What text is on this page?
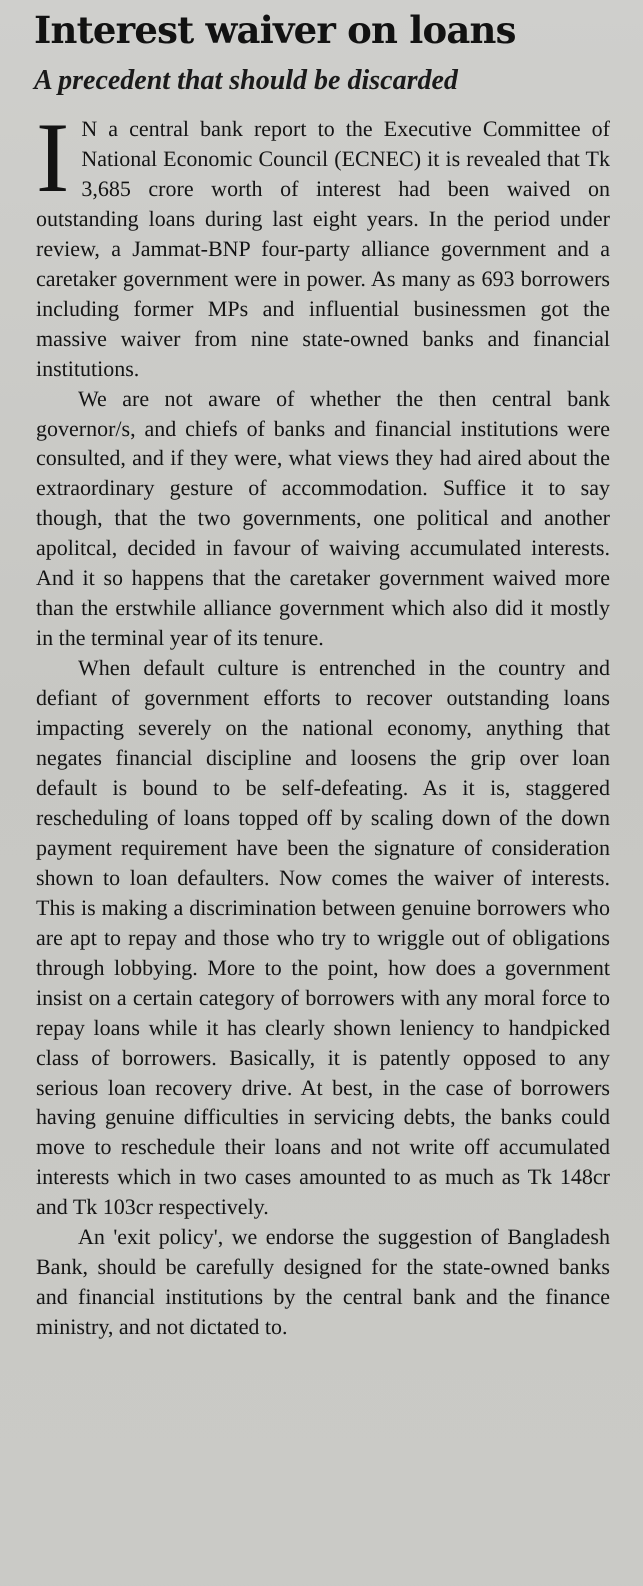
Interest waiver on loans
A precedent that should be discarded

I N a central bank report to the Executive Committee of National Economic Council (ECNEC) it is revealed that Tk 3,685 crore worth of interest had been waived on outstanding loans during last eight years. In the period under review, a Jammat-BNP four-party alliance government and a caretaker government were in power. As many as 693 borrowers including former MPs and influential businessmen got the massive waiver from nine state-owned banks and financial institutions.

We are not aware of whether the then central bank governor/s, and chiefs of banks and financial institutions were consulted, and if they were, what views they had aired about the extraordinary gesture of accommodation. Suffice it to say though, that the two governments, one political and another apolitcal, decided in favour of waiving accumulated interests. And it so happens that the caretaker government waived more than the erstwhile alliance government which also did it mostly in the terminal year of its tenure.

When default culture is entrenched in the country and defiant of government efforts to recover outstanding loans impacting severely on the national economy, anything that negates financial discipline and loosens the grip over loan default is bound to be self-defeating. As it is, staggered rescheduling of loans topped off by scaling down of the down payment requirement have been the signature of consideration shown to loan defaulters. Now comes the waiver of interests. This is making a discrimination between genuine borrowers who are apt to repay and those who try to wriggle out of obligations through lobbying. More to the point, how does a government insist on a certain category of borrowers with any moral force to repay loans while it has clearly shown leniency to handpicked class of borrowers. Basically, it is patently opposed to any serious loan recovery drive. At best, in the case of borrowers having genuine difficulties in servicing debts, the banks could move to reschedule their loans and not write off accumulated interests which in two cases amounted to as much as Tk 148cr and Tk 103cr respectively.

An 'exit policy', we endorse the suggestion of Bangladesh Bank, should be carefully designed for the state-owned banks and financial institutions by the central bank and the finance ministry, and not dictated to.
